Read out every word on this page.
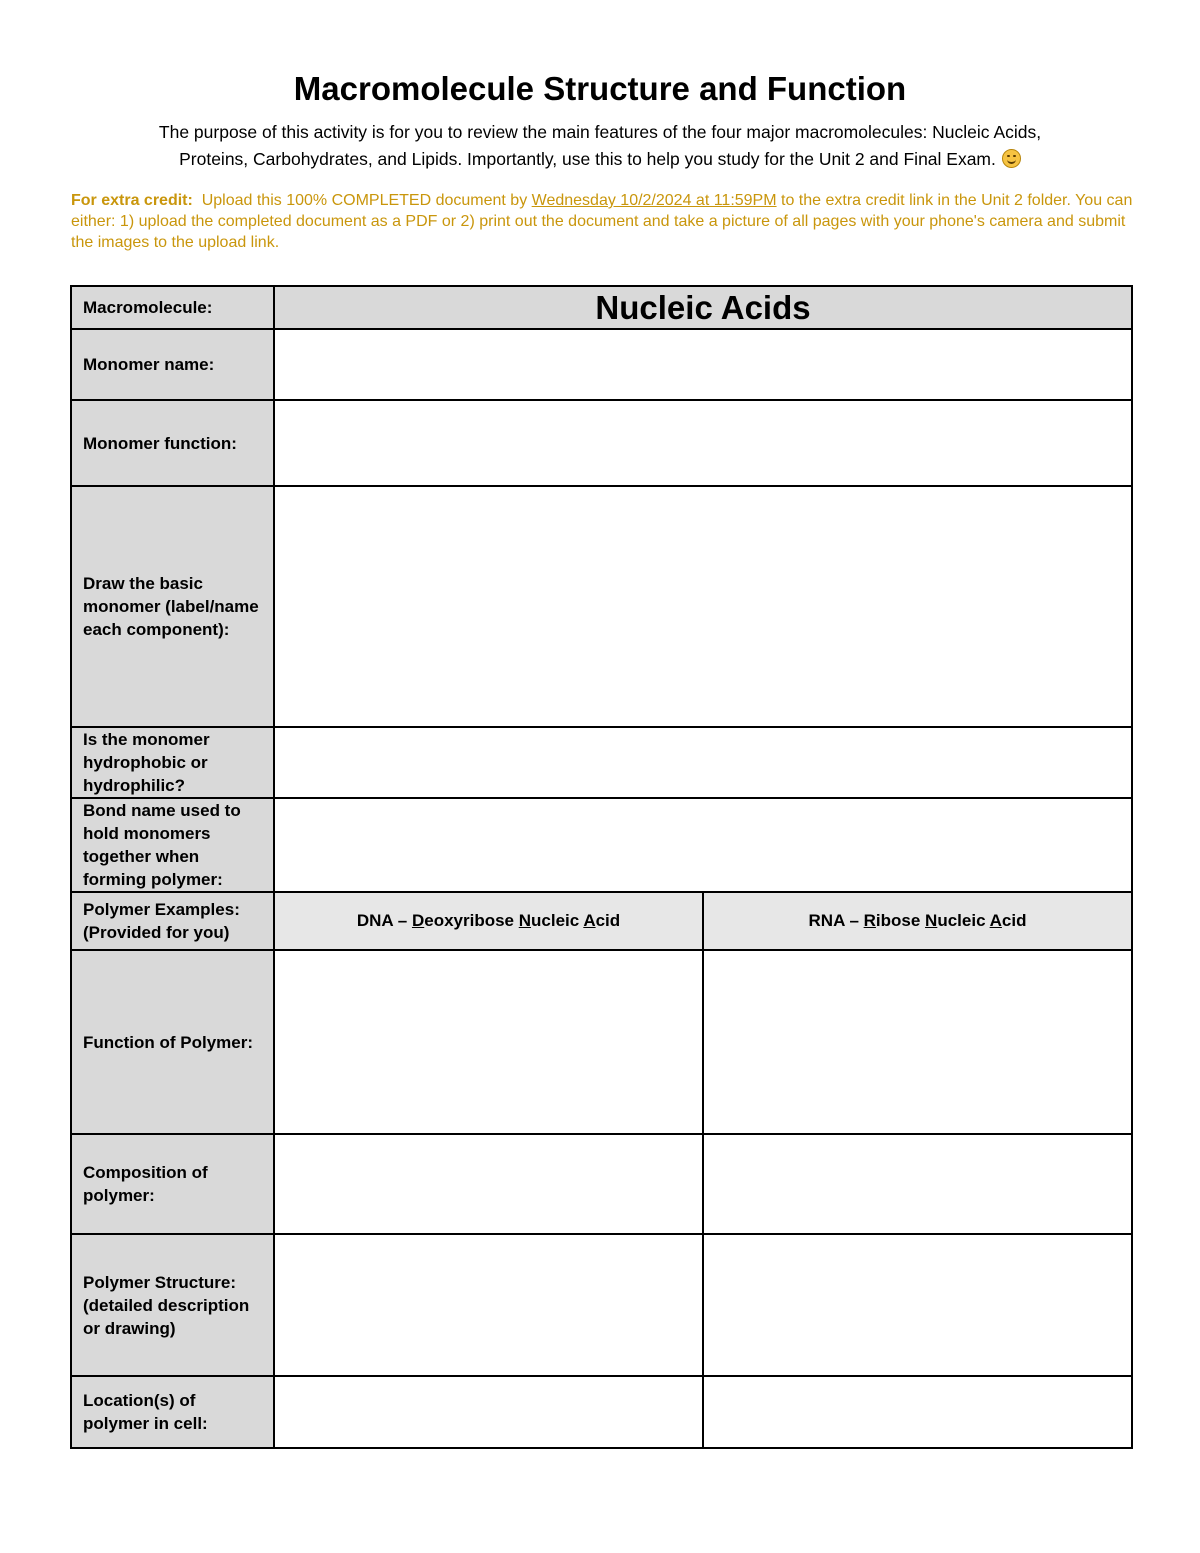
Macromolecule Structure and Function
The purpose of this activity is for you to review the main features of the four major macromolecules: Nucleic Acids,
Proteins, Carbohydrates, and Lipids. Importantly, use this to help you study for the Unit 2 and Final Exam.
For extra credit:  Upload this 100% COMPLETED document by Wednesday 10/2/2024 at 11:59PM to the extra credit link in the Unit 2 folder. You can either: 1) upload the completed document as a PDF or 2) print out the document and take a picture of all pages with your phone's camera and submit the images to the upload link.
Macromolecule:	Nucleic Acids	
Monomer name:		
Monomer function:		
Draw the basic monomer (label/name each component):		
Is the monomer hydrophobic or hydrophilic?		
Bond name used to hold monomers together when forming polymer:		

Polymer Examples:
(Provided for you)	DNA – Deoxyribose Nucleic Acid	RNA – Ribose Nucleic Acid
Function of Polymer:		
Composition of polymer:		
Polymer Structure: (detailed description or drawing)		
Location(s) of polymer in cell:		
